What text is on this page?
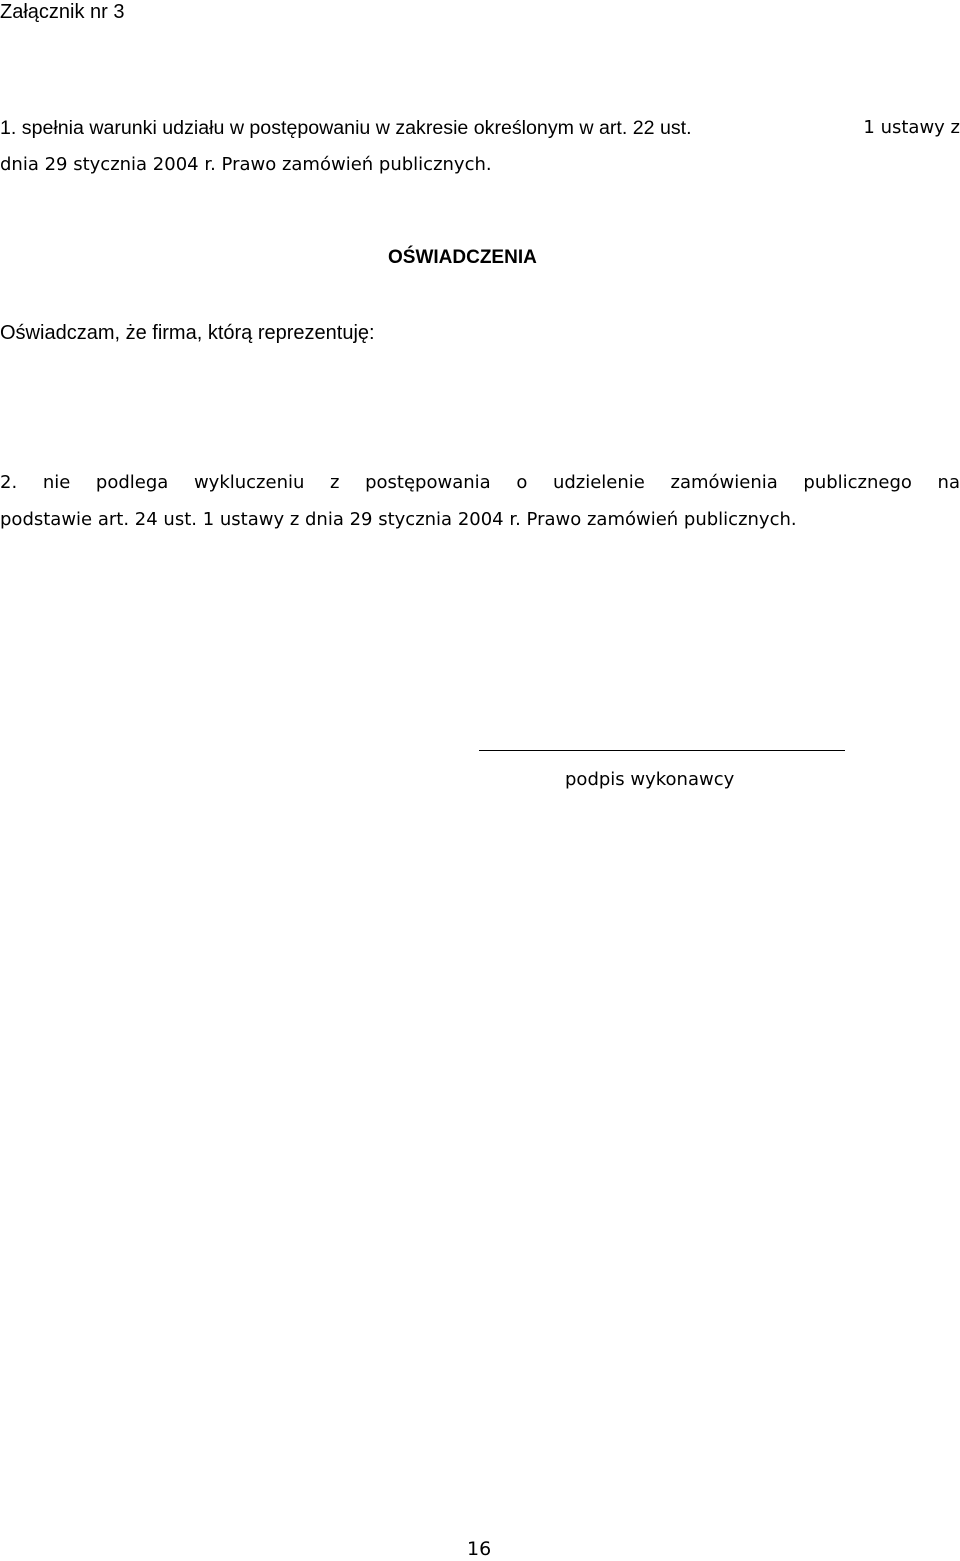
Załącznik nr 3
OŚWIADCZENIA
Oświadczam, że firma, którą reprezentuję:
1. spełnia warunki udziału w postępowaniu w zakresie określonym w art. 22 ust.	1 ustawy z
dnia 29 stycznia 2004 r. Prawo zamówień publicznych.
2. nie podlega wykluczeniu z postępowania o udzielenie zamówienia publicznego na
podstawie art. 24 ust. 1 ustawy z dnia 29 stycznia 2004 r. Prawo zamówień publicznych.
podpis wykonawcy
16
